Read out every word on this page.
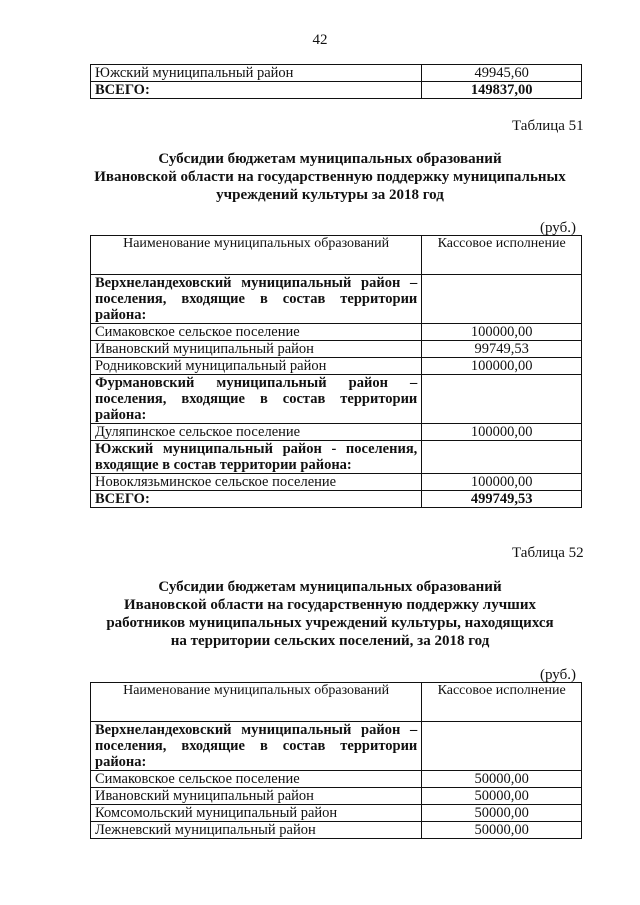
42
Южский муниципальный район	49945,60
ВСЕГО:	149837,00
Таблица 51
Субсидии бюджетам муниципальных образований
Ивановской области на государственную поддержку муниципальных
учреждений культуры за 2018 год
(руб.)
Наименование муниципальных образований	Кассовое исполнение
Верхнеландеховский муниципальный район – поселения, входящие в состав территории района:	
Симаковское сельское поселение	100000,00
Ивановский муниципальный район	99749,53
Родниковский муниципальный район	100000,00
Фурмановский муниципальный район – поселения, входящие в состав территории района:	
Дуляпинское сельское поселение	100000,00
Южский муниципальный район - поселения, входящие в состав территории района:	
Новоклязьминское сельское поселение	100000,00
ВСЕГО:	499749,53
Таблица 52
Субсидии бюджетам муниципальных образований
Ивановской области на государственную поддержку лучших
работников муниципальных учреждений культуры, находящихся
на территории сельских поселений, за 2018 год
(руб.)
Наименование муниципальных образований	Кассовое исполнение
Верхнеландеховский муниципальный район – поселения, входящие в состав территории района:	
Симаковское сельское поселение	50000,00
Ивановский муниципальный район	50000,00
Комсомольский муниципальный район	50000,00
Лежневский муниципальный район	50000,00
